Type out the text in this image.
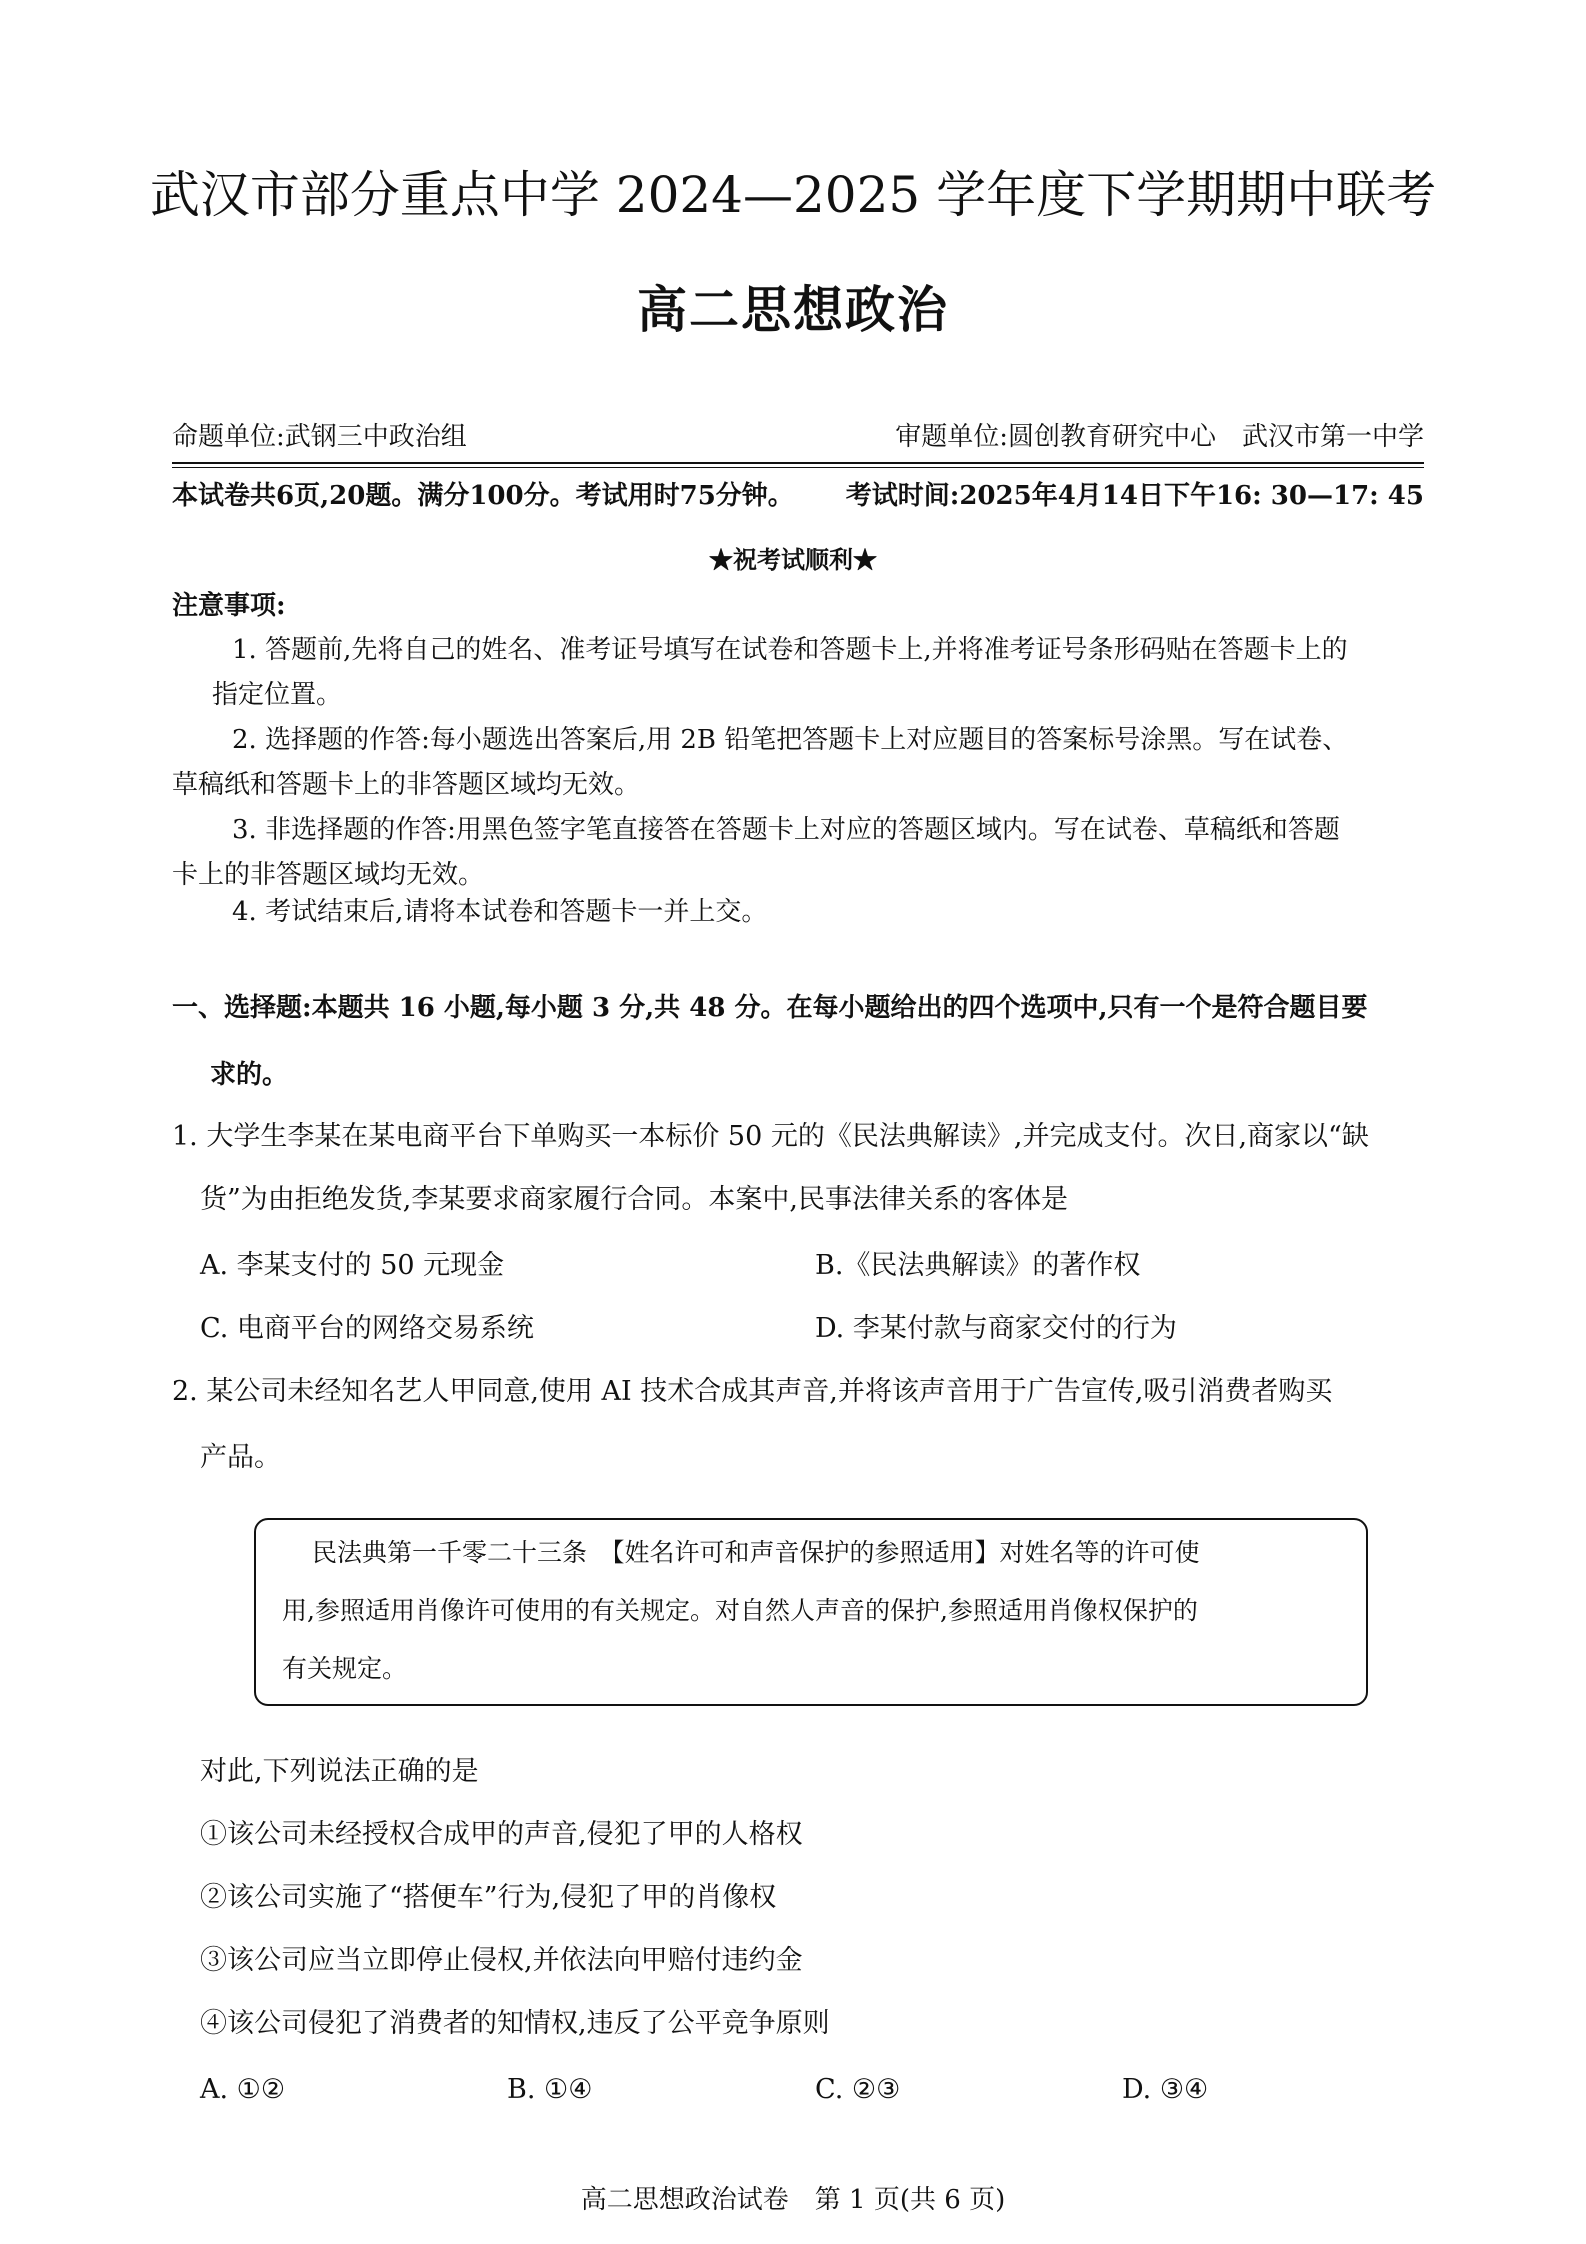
武汉市部分重点中学 2024—2025 学年度下学期期中联考
高二思想政治
命题单位:武钢三中政治组	审题单位:圆创教育研究中心　武汉市第一中学
本试卷共6页,20题。满分100分。考试用时75分钟。 考试时间:2025年4月14日下午16: 30—17: 45
★祝考试顺利★
注意事项:
1. 答题前,先将自己的姓名、准考证号填写在试卷和答题卡上,并将准考证号条形码贴在答题卡上的
指定位置。
2. 选择题的作答:每小题选出答案后,用 2B 铅笔把答题卡上对应题目的答案标号涂黑。写在试卷、
草稿纸和答题卡上的非答题区域均无效。
3. 非选择题的作答:用黑色签字笔直接答在答题卡上对应的答题区域内。写在试卷、草稿纸和答题
卡上的非答题区域均无效。
4. 考试结束后,请将本试卷和答题卡一并上交。
一、选择题:本题共 16 小题,每小题 3 分,共 48 分。在每小题给出的四个选项中,只有一个是符合题目要
求的。
1. 大学生李某在某电商平台下单购买一本标价 50 元的《民法典解读》,并完成支付。次日,商家以“缺
货”为由拒绝发货,李某要求商家履行合同。本案中,民事法律关系的客体是
A. 李某支付的 50 元现金	B.《民法典解读》的著作权
C. 电商平台的网络交易系统	D. 李某付款与商家交付的行为
2. 某公司未经知名艺人甲同意,使用 AI 技术合成其声音,并将该声音用于广告宣传,吸引消费者购买
产品。
民法典第一千零二十三条　【姓名许可和声音保护的参照适用】对姓名等的许可使
用,参照适用肖像许可使用的有关规定。对自然人声音的保护,参照适用肖像权保护的
有关规定。
对此,下列说法正确的是
①该公司未经授权合成甲的声音,侵犯了甲的人格权
②该公司实施了“搭便车”行为,侵犯了甲的肖像权
③该公司应当立即停止侵权,并依法向甲赔付违约金
④该公司侵犯了消费者的知情权,违反了公平竞争原则
A. ①②	B. ①④	C. ②③	D. ③④
高二思想政治试卷　第 1 页(共 6 页)
